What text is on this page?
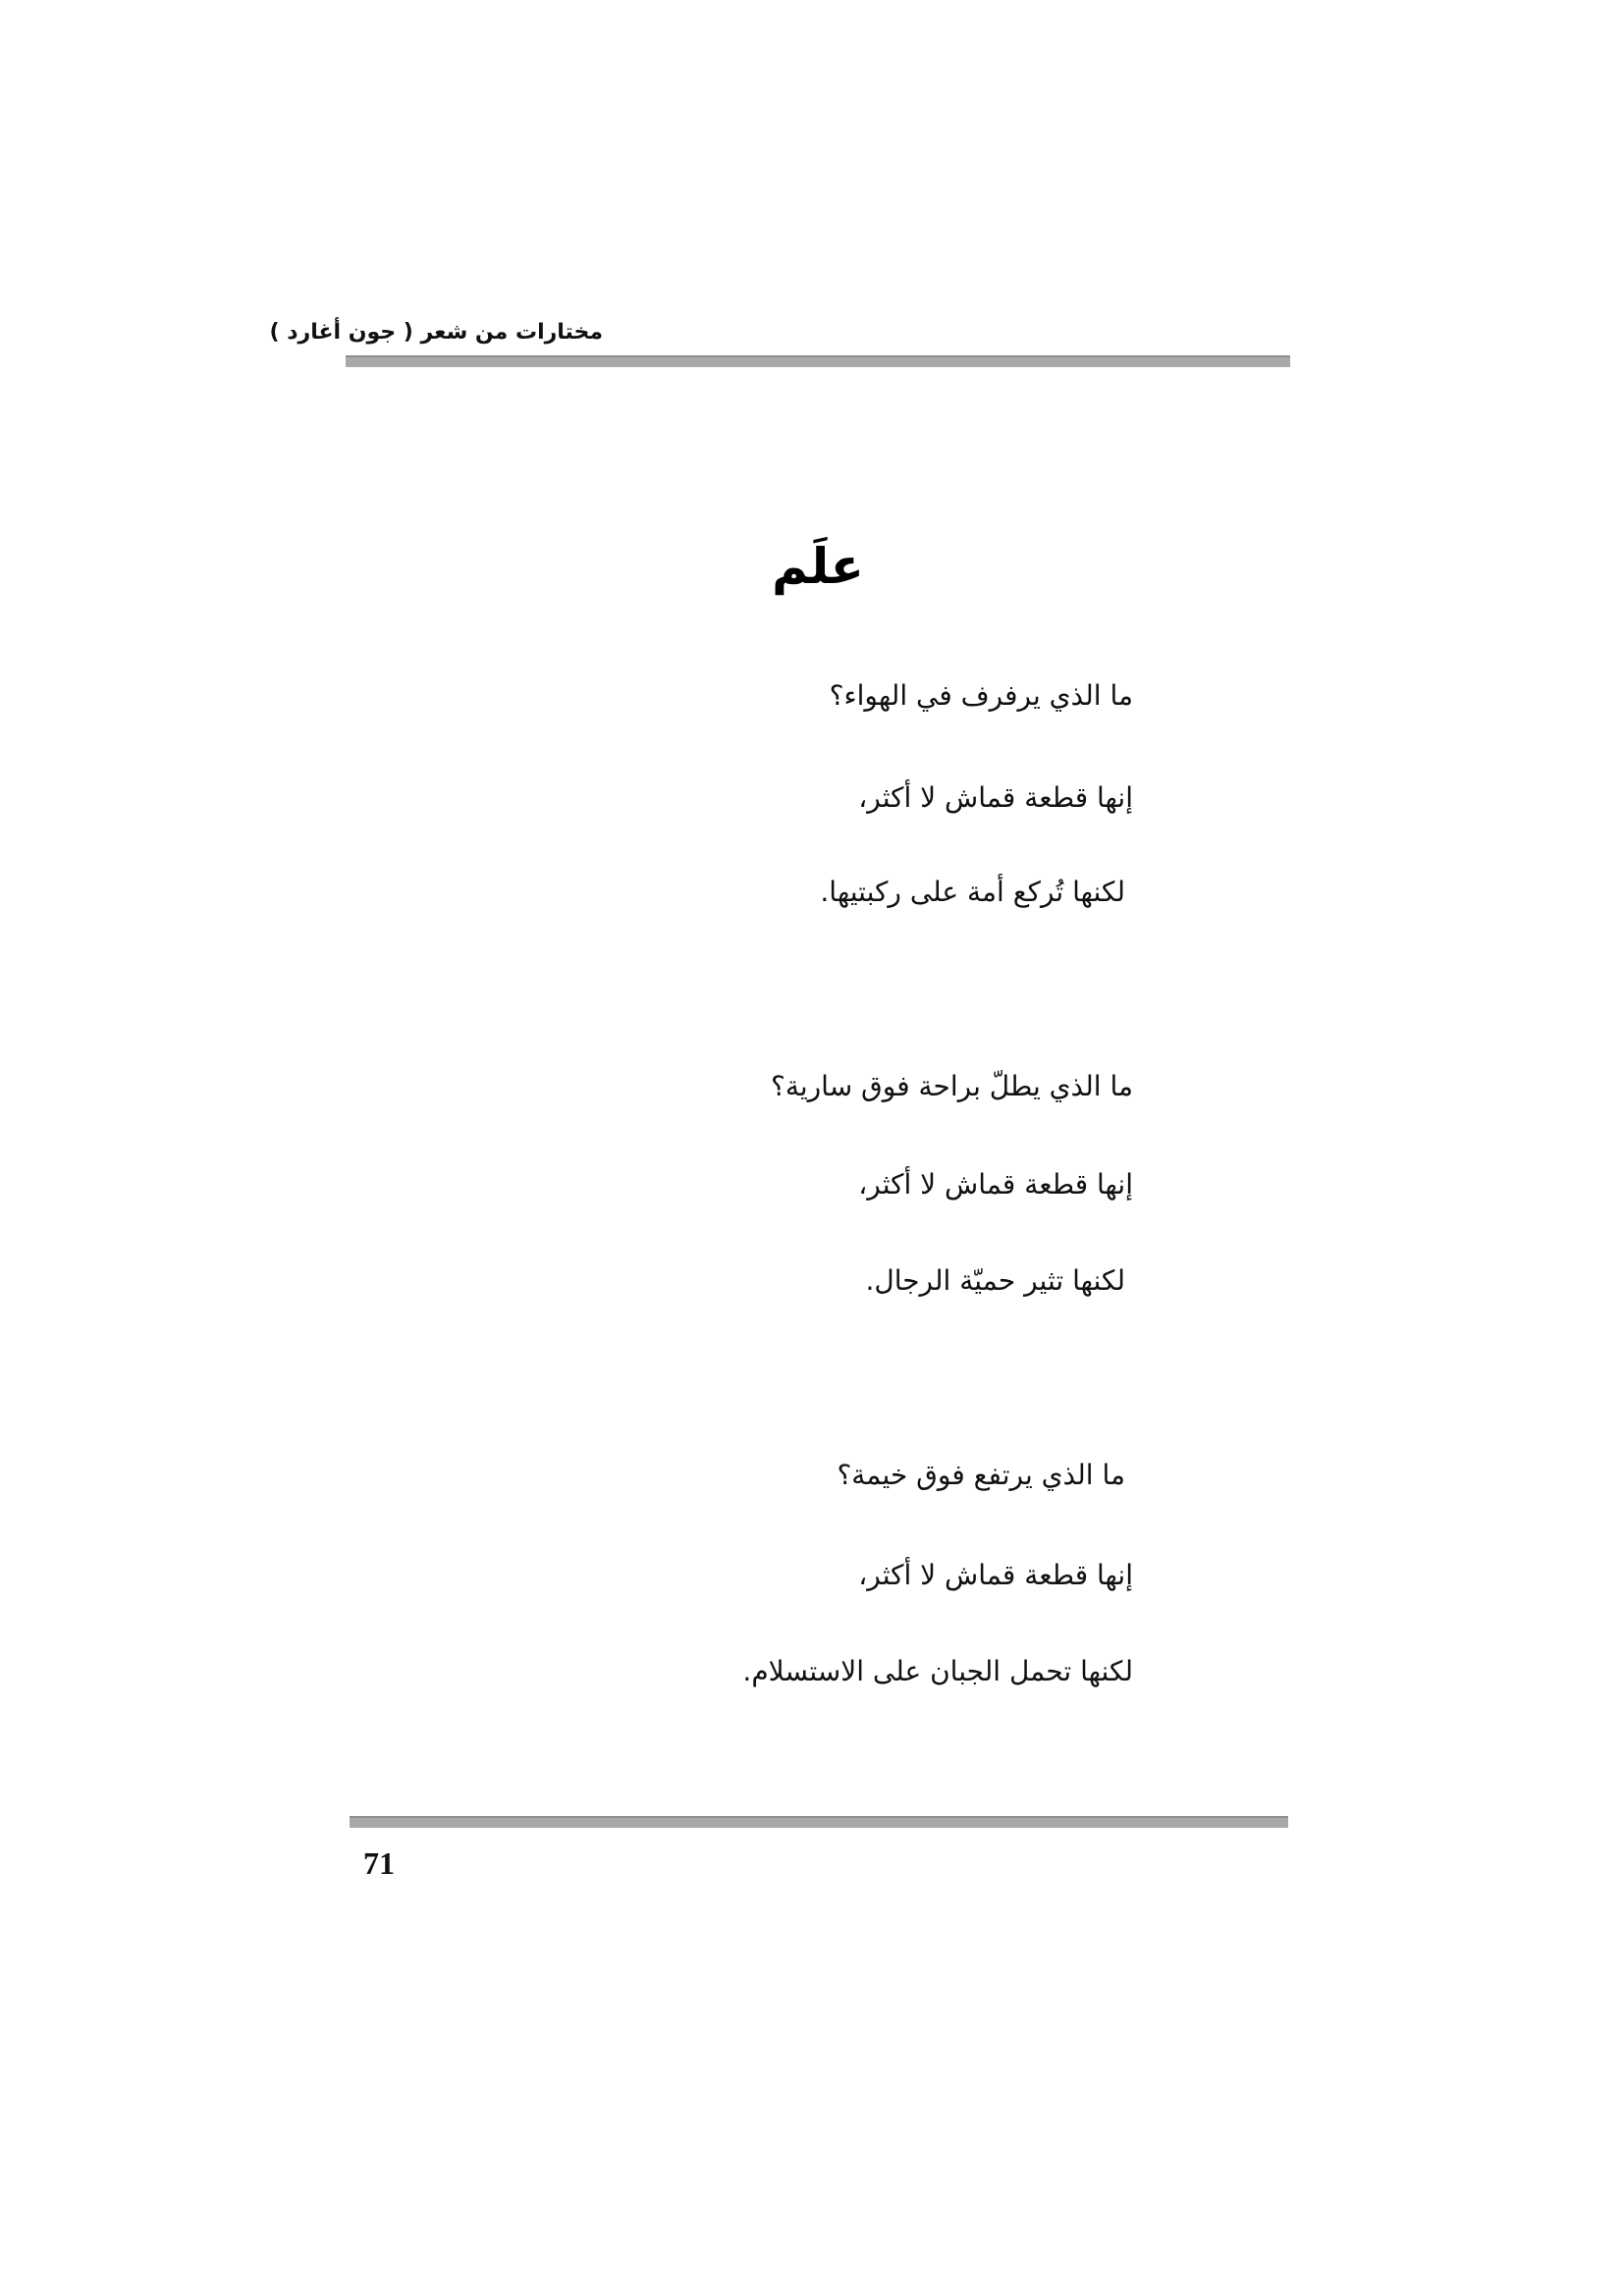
مختارات من شعر ( جون أغارد )
علَم
ما الذي يرفرف في الهواء؟
إنها قطعة قماش لا أكثر،
لكنها تُركع أمة على ركبتيها.
ما الذي يطلّ براحة فوق سارية؟
إنها قطعة قماش لا أكثر،
لكنها تثير حميّة الرجال.
ما الذي يرتفع فوق خيمة؟
إنها قطعة قماش لا أكثر،
لكنها تحمل الجبان على الاستسلام.
71
